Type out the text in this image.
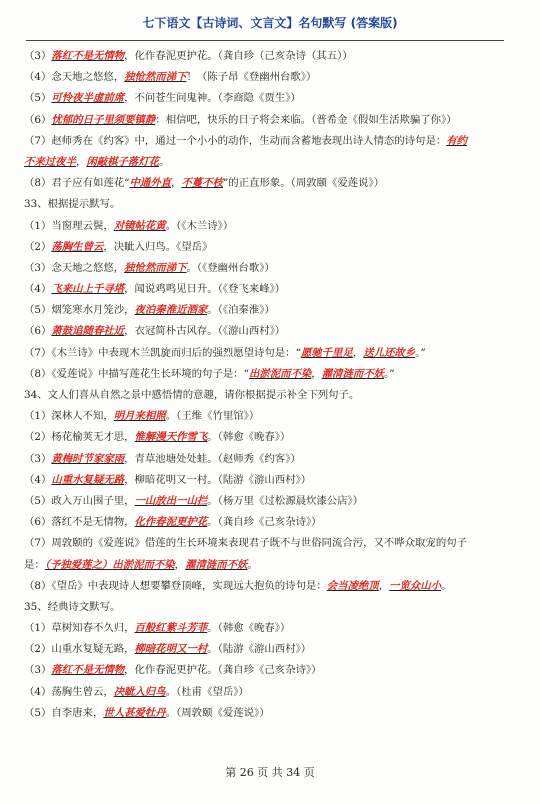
七下语文【古诗词、文言文】名句默写 (答案版)
（3）落红不是无情物，化作春泥更护花。（龚自珍（己亥杂诗（其五））
（4）念天地之悠悠，独怆然而涕下！（陈子昂《登幽州台歌》）
（5）可怜夜半虚前席，不问苍生问鬼神。（李商隐《贾生》）
（6）忧郁的日子里须要镇静：相信吧，快乐的日子将会来临。（普希金《假如生活欺骗了你》）
（7）赵师秀在《约客》中，通过一个小小的动作，生动而含蓄地表现出诗人情态的诗句是：有约
不来过夜半，闲敲棋子落灯花。
（8）君子应有如莲花“中通外直，不蔓不枝”的正直形象。（周敦颐《爱莲说》）
33、根据提示默写。
（1）当窗理云鬓，对镜帖花黄。（《木兰诗》）
（2）荡胸生曾云，决眦入归鸟。《望岳》
（3）念天地之悠悠，独怆然而涕下。（《登幽州台歌》）
（4）飞来山上千寻塔，闻说鸡鸣见日升。（《登飞来峰》）
（5）烟笼寒水月笼沙，夜泊秦淮近酒家。（《泊秦淮》）
（6）萧鼓追随春社近，衣冠简朴古风存。（《游山西村》）
（7）《木兰诗》中表现木兰凯旋而归后的强烈愿望诗句是：“愿驰千里足，送儿还故乡。”
（8）《爱莲说》中描写莲花生长环境的句子是：“出淤泥而不染，濯清涟而不妖。”
34、文人们喜从自然之景中感悟情的意趣，请你根据提示补全下列句子。
（1）深林人不知，明月来相照。（王维《竹里馆》）
（2）杨花榆荚无才思，惟解漫天作雪飞。（韩愈《晚春》）
（3）黄梅时节家家雨，青草池塘处处蛙。（赵师秀《约客》）
（4）山重水复疑无路，柳暗花明又一村。（陆游《游山西村》）
（5）政入万山围子里，一山放出一山拦。（杨万里《过松源晨炊漆公店》）
（6）落红不是无情物，化作春泥更护花。（龚自珍《己亥杂诗》）
（7）周敦颐的《爱莲说》借莲的生长环境来表现君子既不与世俗同流合污，又不哗众取宠的句子
是：（予独爱莲之）出淤泥而不染，濯清涟而不妖。
（8）《望岳》中表现诗人想要攀登顶峰，实现远大抱负的诗句是：会当凌绝顶，一览众山小。
35、经典诗文默写。
（1）草树知春不久归，百般红紫斗芳菲。（韩愈《晚春》）
（2）山重水复疑无路，柳暗花明又一村。（陆游《游山西村》）
（3）落红不是无情物，化作春泥更护花。（龚自珍《己亥杂诗》）
（4）荡胸生曾云，决眦入归鸟。（杜甫《望岳》）
（5）自李唐来，世人甚爱牡丹。（周敦颐《爱莲说》）
第 26 页 共 34 页
